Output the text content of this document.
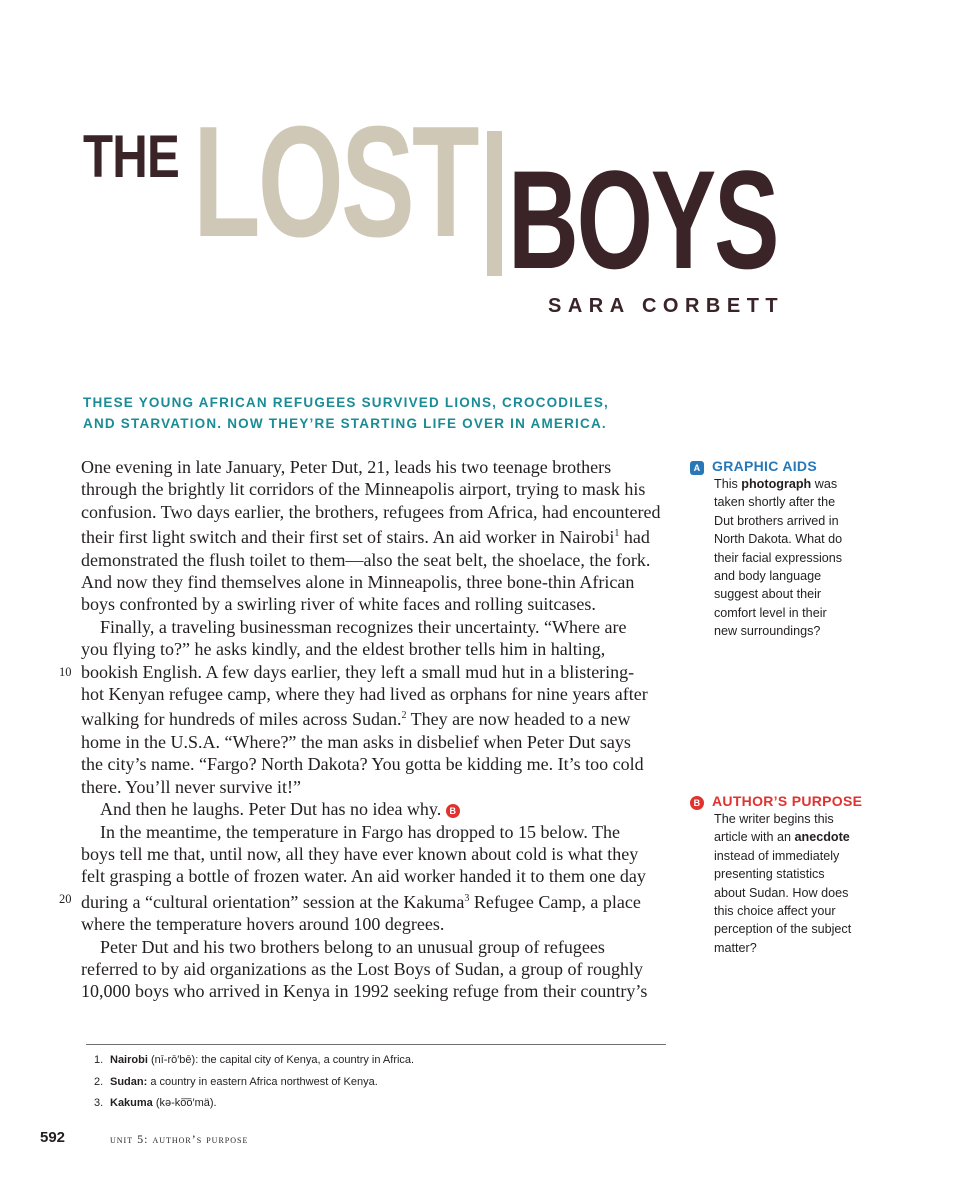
THE LOST BOYS
SARA CORBETT
THESE YOUNG AFRICAN REFUGEES SURVIVED LIONS, CROCODILES,
AND STARVATION. NOW THEY’RE STARTING LIFE OVER IN AMERICA.
One evening in late January, Peter Dut, 21, leads his two teenage brothers
through the brightly lit corridors of the Minneapolis airport, trying to mask his
confusion. Two days earlier, the brothers, refugees from Africa, had encountered
their first light switch and their first set of stairs. An aid worker in Nairobi$^1$ had
demonstrated the flush toilet to them—also the seat belt, the shoelace, the fork.
And now they find themselves alone in Minneapolis, three bone-thin African
boys confronted by a swirling river of white faces and rolling suitcases.
Finally, a traveling businessman recognizes their uncertainty. “Where are
you flying to?” he asks kindly, and the eldest brother tells him in halting,
10 bookish English. A few days earlier, they left a small mud hut in a blistering-
hot Kenyan refugee camp, where they had lived as orphans for nine years after
walking for hundreds of miles across Sudan.$^2$ They are now headed to a new
home in the U.S.A. “Where?” the man asks in disbelief when Peter Dut says
the city’s name. “Fargo? North Dakota? You gotta be kidding me. It’s too cold
there. You’ll never survive it!”
And then he laughs. Peter Dut has no idea why. B
In the meantime, the temperature in Fargo has dropped to 15 below. The
boys tell me that, until now, all they have ever known about cold is what they
felt grasping a bottle of frozen water. An aid worker handed it to them one day
20 during a “cultural orientation” session at the Kakuma$^3$ Refugee Camp, a place
where the temperature hovers around 100 degrees.
Peter Dut and his two brothers belong to an unusual group of refugees
referred to by aid organizations as the Lost Boys of Sudan, a group of roughly
10,000 boys who arrived in Kenya in 1992 seeking refuge from their country’s
A GRAPHIC AIDS
This photograph was
taken shortly after the
Dut brothers arrived in
North Dakota. What do
their facial expressions
and body language
suggest about their
comfort level in their
new surroundings?
B AUTHOR’S PURPOSE
The writer begins this
article with an anecdote
instead of immediately
presenting statistics
about Sudan. How does
this choice affect your
perception of the subject
matter?
1. Nairobi (nī-rō′bē): the capital city of Kenya, a country in Africa.
2. Sudan: a country in eastern Africa northwest of Kenya.
3. Kakuma (kə-ko͞o′mä).
592	unit 5: author’s purpose
